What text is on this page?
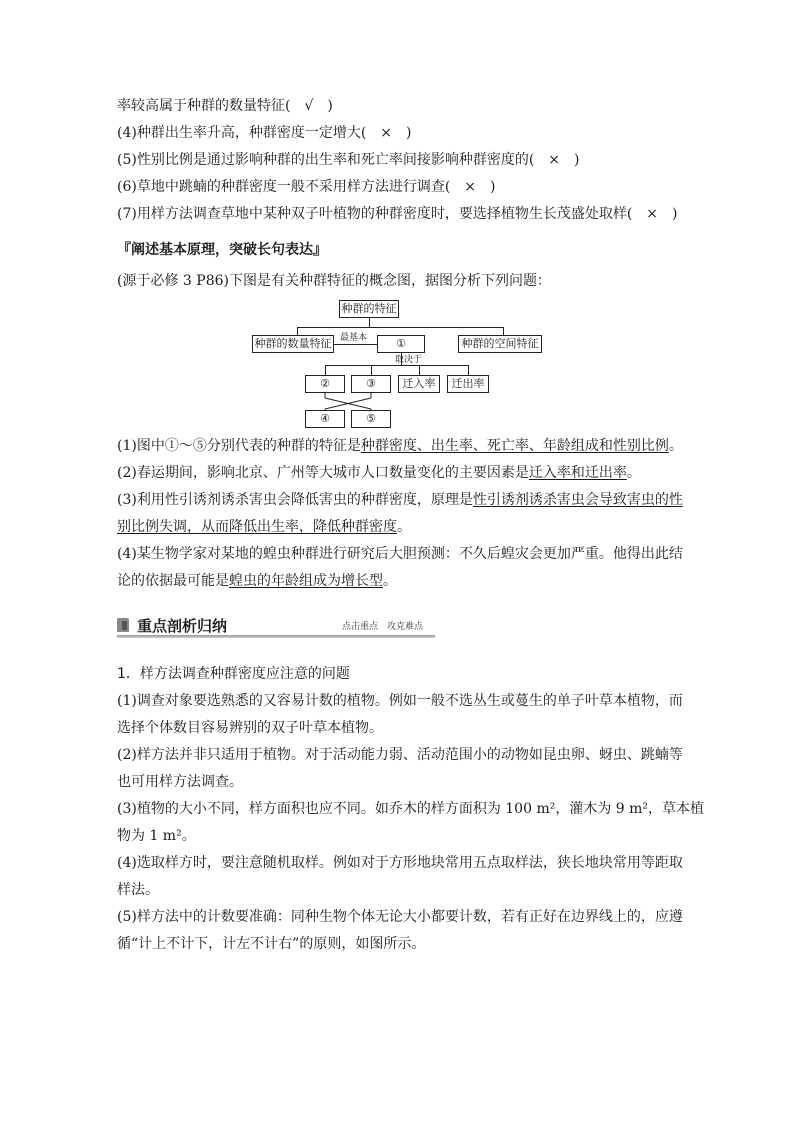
率较高属于种群的数量特征(　√　)
(4)种群出生率升高，种群密度一定增大(　×　)
(5)性别比例是通过影响种群的出生率和死亡率间接影响种群密度的(　×　)
(6)草地中跳蝻的种群密度一般不采用样方法进行调查(　×　)
(7)用样方法调查草地中某种双子叶植物的种群密度时，要选择植物生长茂盛处取样(　×　)
『阐述基本原理，突破长句表达』
(源于必修 3 P86)下图是有关种群特征的概念图，据图分析下列问题：
种群的特征
种群的数量特征	种群的空间特征
最基本	①
取决于
②	③	迁入率	迁出率
④	⑤
(1)图中①～⑤分别代表的种群的特征是种群密度、出生率、死亡率、年龄组成和性别比例。
(2)春运期间，影响北京、广州等大城市人口数量变化的主要因素是迁入率和迁出率。
(3)利用性引诱剂诱杀害虫会降低害虫的种群密度，原理是性引诱剂诱杀害虫会导致害虫的性
别比例失调，从而降低出生率，降低种群密度。
(4)某生物学家对某地的蝗虫种群进行研究后大胆预测：不久后蝗灾会更加严重。他得出此结
论的依据最可能是蝗虫的年龄组成为增长型。
重点剖析归纳	点击重点　攻克难点
1．样方法调查种群密度应注意的问题
(1)调查对象要选熟悉的又容易计数的植物。例如一般不选丛生或蔓生的单子叶草本植物，而
选择个体数目容易辨别的双子叶草本植物。
(2)样方法并非只适用于植物。对于活动能力弱、活动范围小的动物如昆虫卵、蚜虫、跳蝻等
也可用样方法调查。
(3)植物的大小不同，样方面积也应不同。如乔木的样方面积为 100 m²，灌木为 9 m²，草本植
物为 1 m²。
(4)选取样方时，要注意随机取样。例如对于方形地块常用五点取样法，狭长地块常用等距取
样法。
(5)样方法中的计数要准确：同种生物个体无论大小都要计数，若有正好在边界线上的，应遵
循“计上不计下，计左不计右”的原则，如图所示。
